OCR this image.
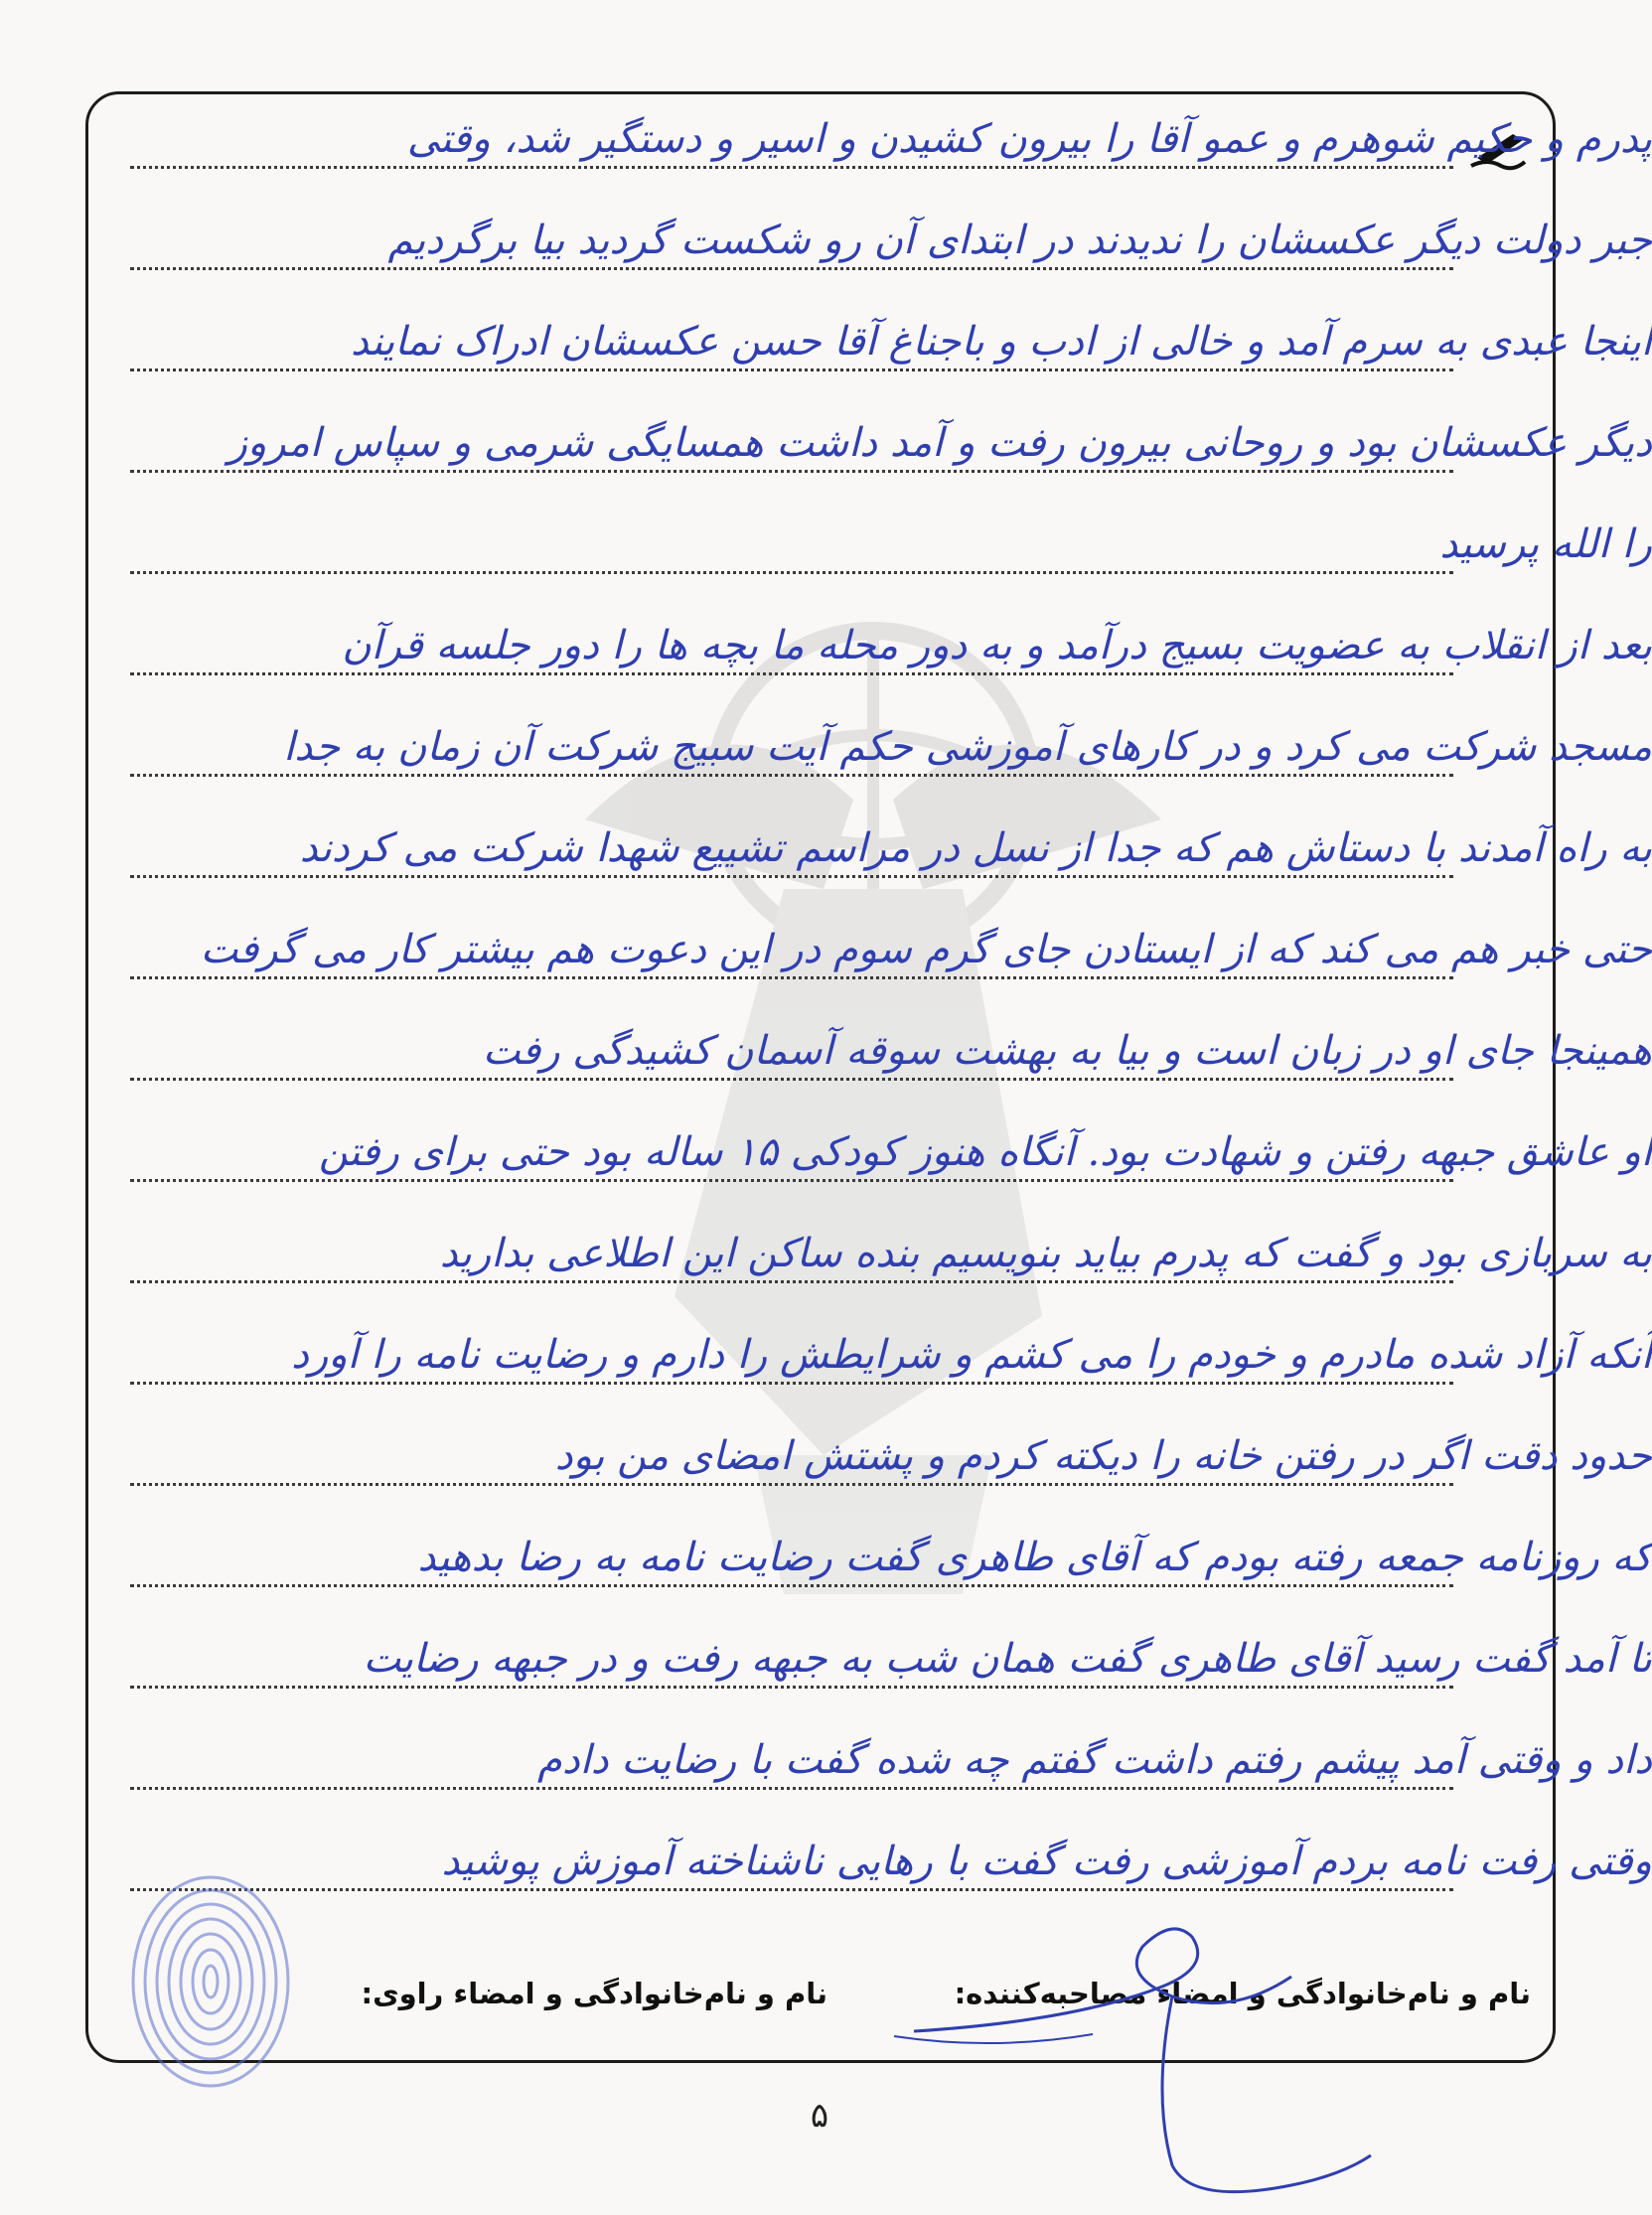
پدرم و حکیم شوهرم و عمو آقا را بیرون کشیدن و اسیر و دستگیر شد، وقتی
جبر دولت دیگر عکسشان را ندیدند در ابتدای آن رو شکست گردید بیا برگردیم
اینجا عبدی به سرم آمد و خالی از ادب و باجناغ آقا حسن عکسشان ادراک نمایند
دیگر عکسشان بود و روحانی بیرون رفت و آمد داشت همسایگی شرمی و سپاس امروز
را الله پرسید
بعد از انقلاب به عضویت بسیج درآمد و به دور محله ما بچه ها را دور جلسه قرآن
مسجد شرکت می کرد و در کارهای آموزشی حکم آیت سبیج شرکت آن زمان به جدا
به راه آمدند با دستاش هم که جدا از نسل در مراسم تشییع شهدا شرکت می کردند
حتی خبر هم می کند که از ایستادن جای گرم سوم در این دعوت هم بیشتر کار می گرفت
همینجا جای او در زبان است و بیا به بهشت سوقه آسمان کشیدگی رفت
او عاشق جبهه رفتن و شهادت بود. آنگاه هنوز کودکی ۱۵ ساله بود حتی برای رفتن
به سربازی بود و گفت که پدرم بیاید بنویسیم بنده ساکن این اطلاعی بدارید
آنکه آزاد شده مادرم و خودم را می کشم و شرایطش را دارم و رضایت نامه را آورد
حدود دقت اگر در رفتن خانه را دیکته کردم و پشتش امضای من بود
که روزنامه جمعه رفته بودم که آقای طاهری گفت رضایت نامه به رضا بدهید
تا آمد گفت رسید آقای طاهری گفت همان شب به جبهه رفت و در جبهه رضایت
داد و وقتی آمد پیشم رفتم داشت گفتم چه شده گفت با رضایت دادم
وقتی رفت نامه بردم آموزشی رفت گفت با رهایی ناشناخته آموزش پوشید
نام و نام‌خانوادگی و امضاء مصاحبه‌کننده:
نام و نام‌خانوادگی و امضاء راوی:
۵
